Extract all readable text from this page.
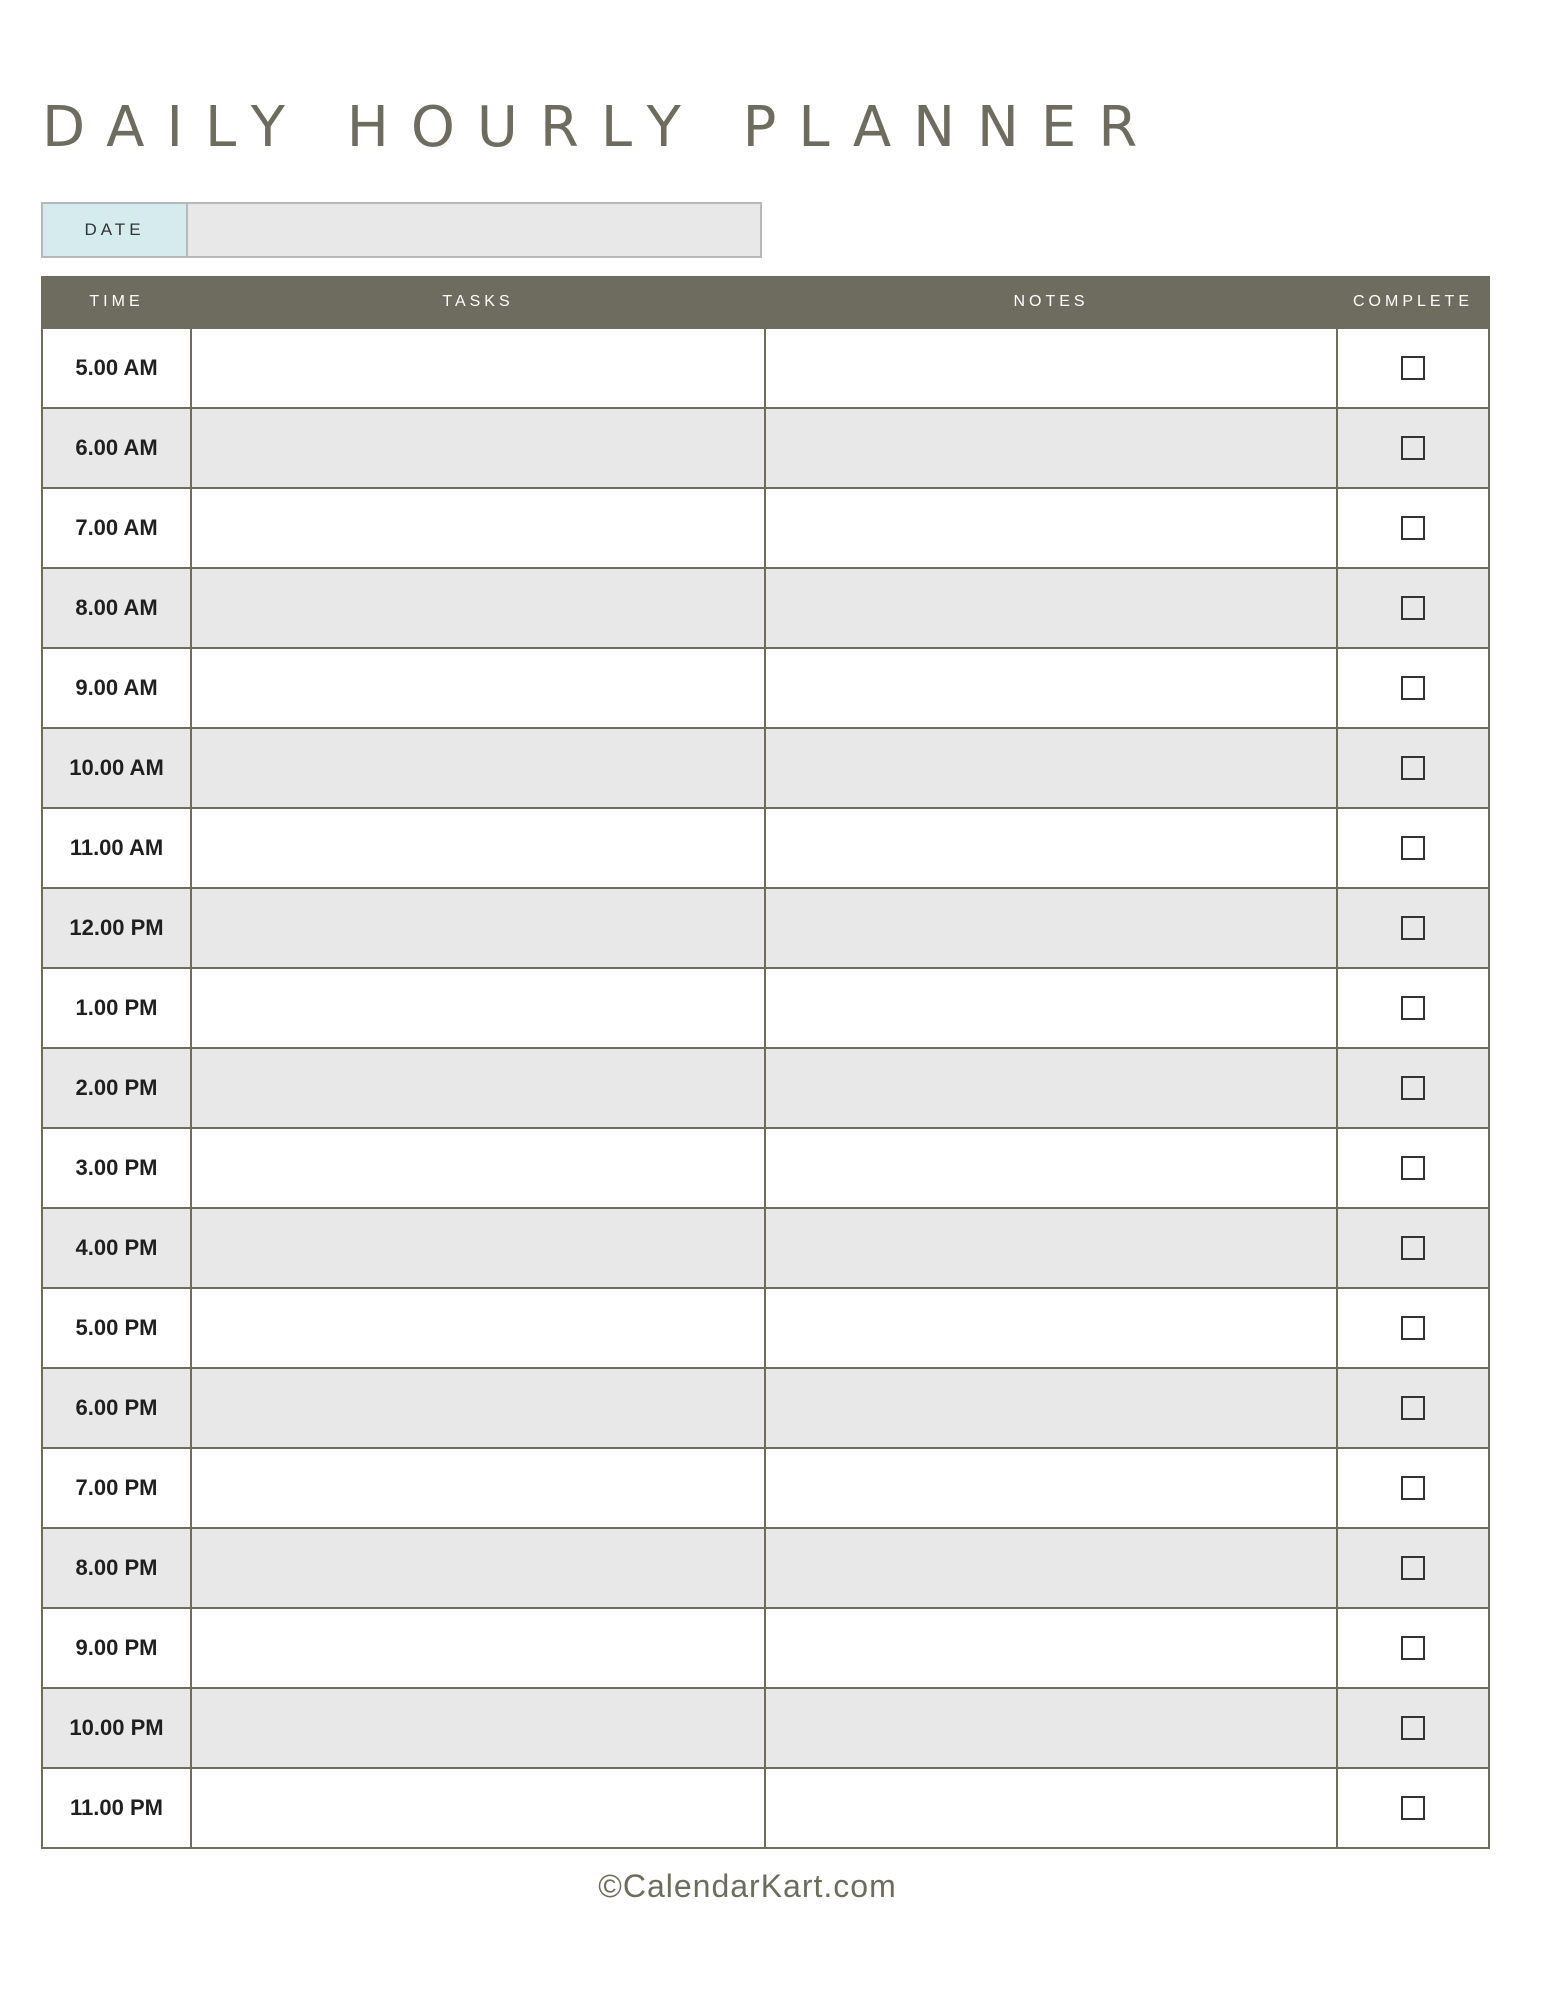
DAILY HOURLY PLANNER
DATE
TIME	TASKS	NOTES	COMPLETE
5.00 AM			
6.00 AM			
7.00 AM			
8.00 AM			
9.00 AM			
10.00 AM			
11.00 AM			
12.00 PM			
1.00 PM			
2.00 PM			
3.00 PM			
4.00 PM			
5.00 PM			
6.00 PM			
7.00 PM			
8.00 PM			
9.00 PM			
10.00 PM			
11.00 PM			
©CalendarKart.com
